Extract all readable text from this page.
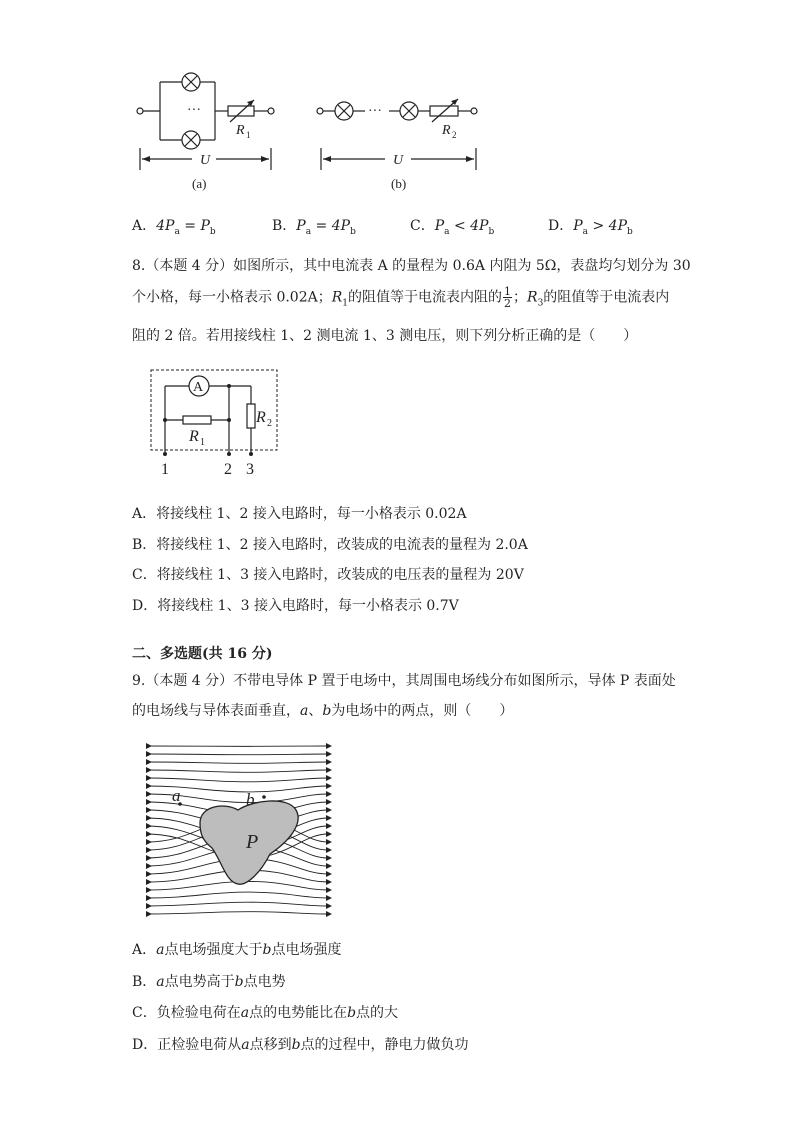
···
R 1
U
(a)
···
R 2
U
(b)
A．$4P_a = P_b$	B．$P_a = 4P_b$	C．$P_a < 4P_b$	D．$P_a > 4P_b$
8.（本题 4 分）如图所示，其中电流表 A 的量程为 0.6A 内阻为 5Ω，表盘均匀划分为 30
个小格，每一小格表示 0.02A；$R_1$的阻值等于电流表内阻的 $\frac{1}{2}$ ；$R_3$的阻值等于电流表内
阻的 2 倍。若用接线柱 1、2 测电流 1、3 测电压，则下列分析正确的是（　　）
A
R 1
R 2
1	2 3
A．将接线柱 1、2 接入电路时，每一小格表示 0.02A
B．将接线柱 1、2 接入电路时，改装成的电流表的量程为 2.0A
C．将接线柱 1、3 接入电路时，改装成的电压表的量程为 20V
D．将接线柱 1、3 接入电路时，每一小格表示 0.7V
二、多选题(共 16 分)
9.（本题 4 分）不带电导体 P 置于电场中，其周围电场线分布如图所示，导体 P 表面处
的电场线与导体表面垂直，a、b为电场中的两点，则（　　）
a	b
P
A．a点电场强度大于b点电场强度
B．a点电势高于b点电势
C．负检验电荷在a点的电势能比在b点的大
D．正检验电荷从a点移到b点的过程中，静电力做负功
